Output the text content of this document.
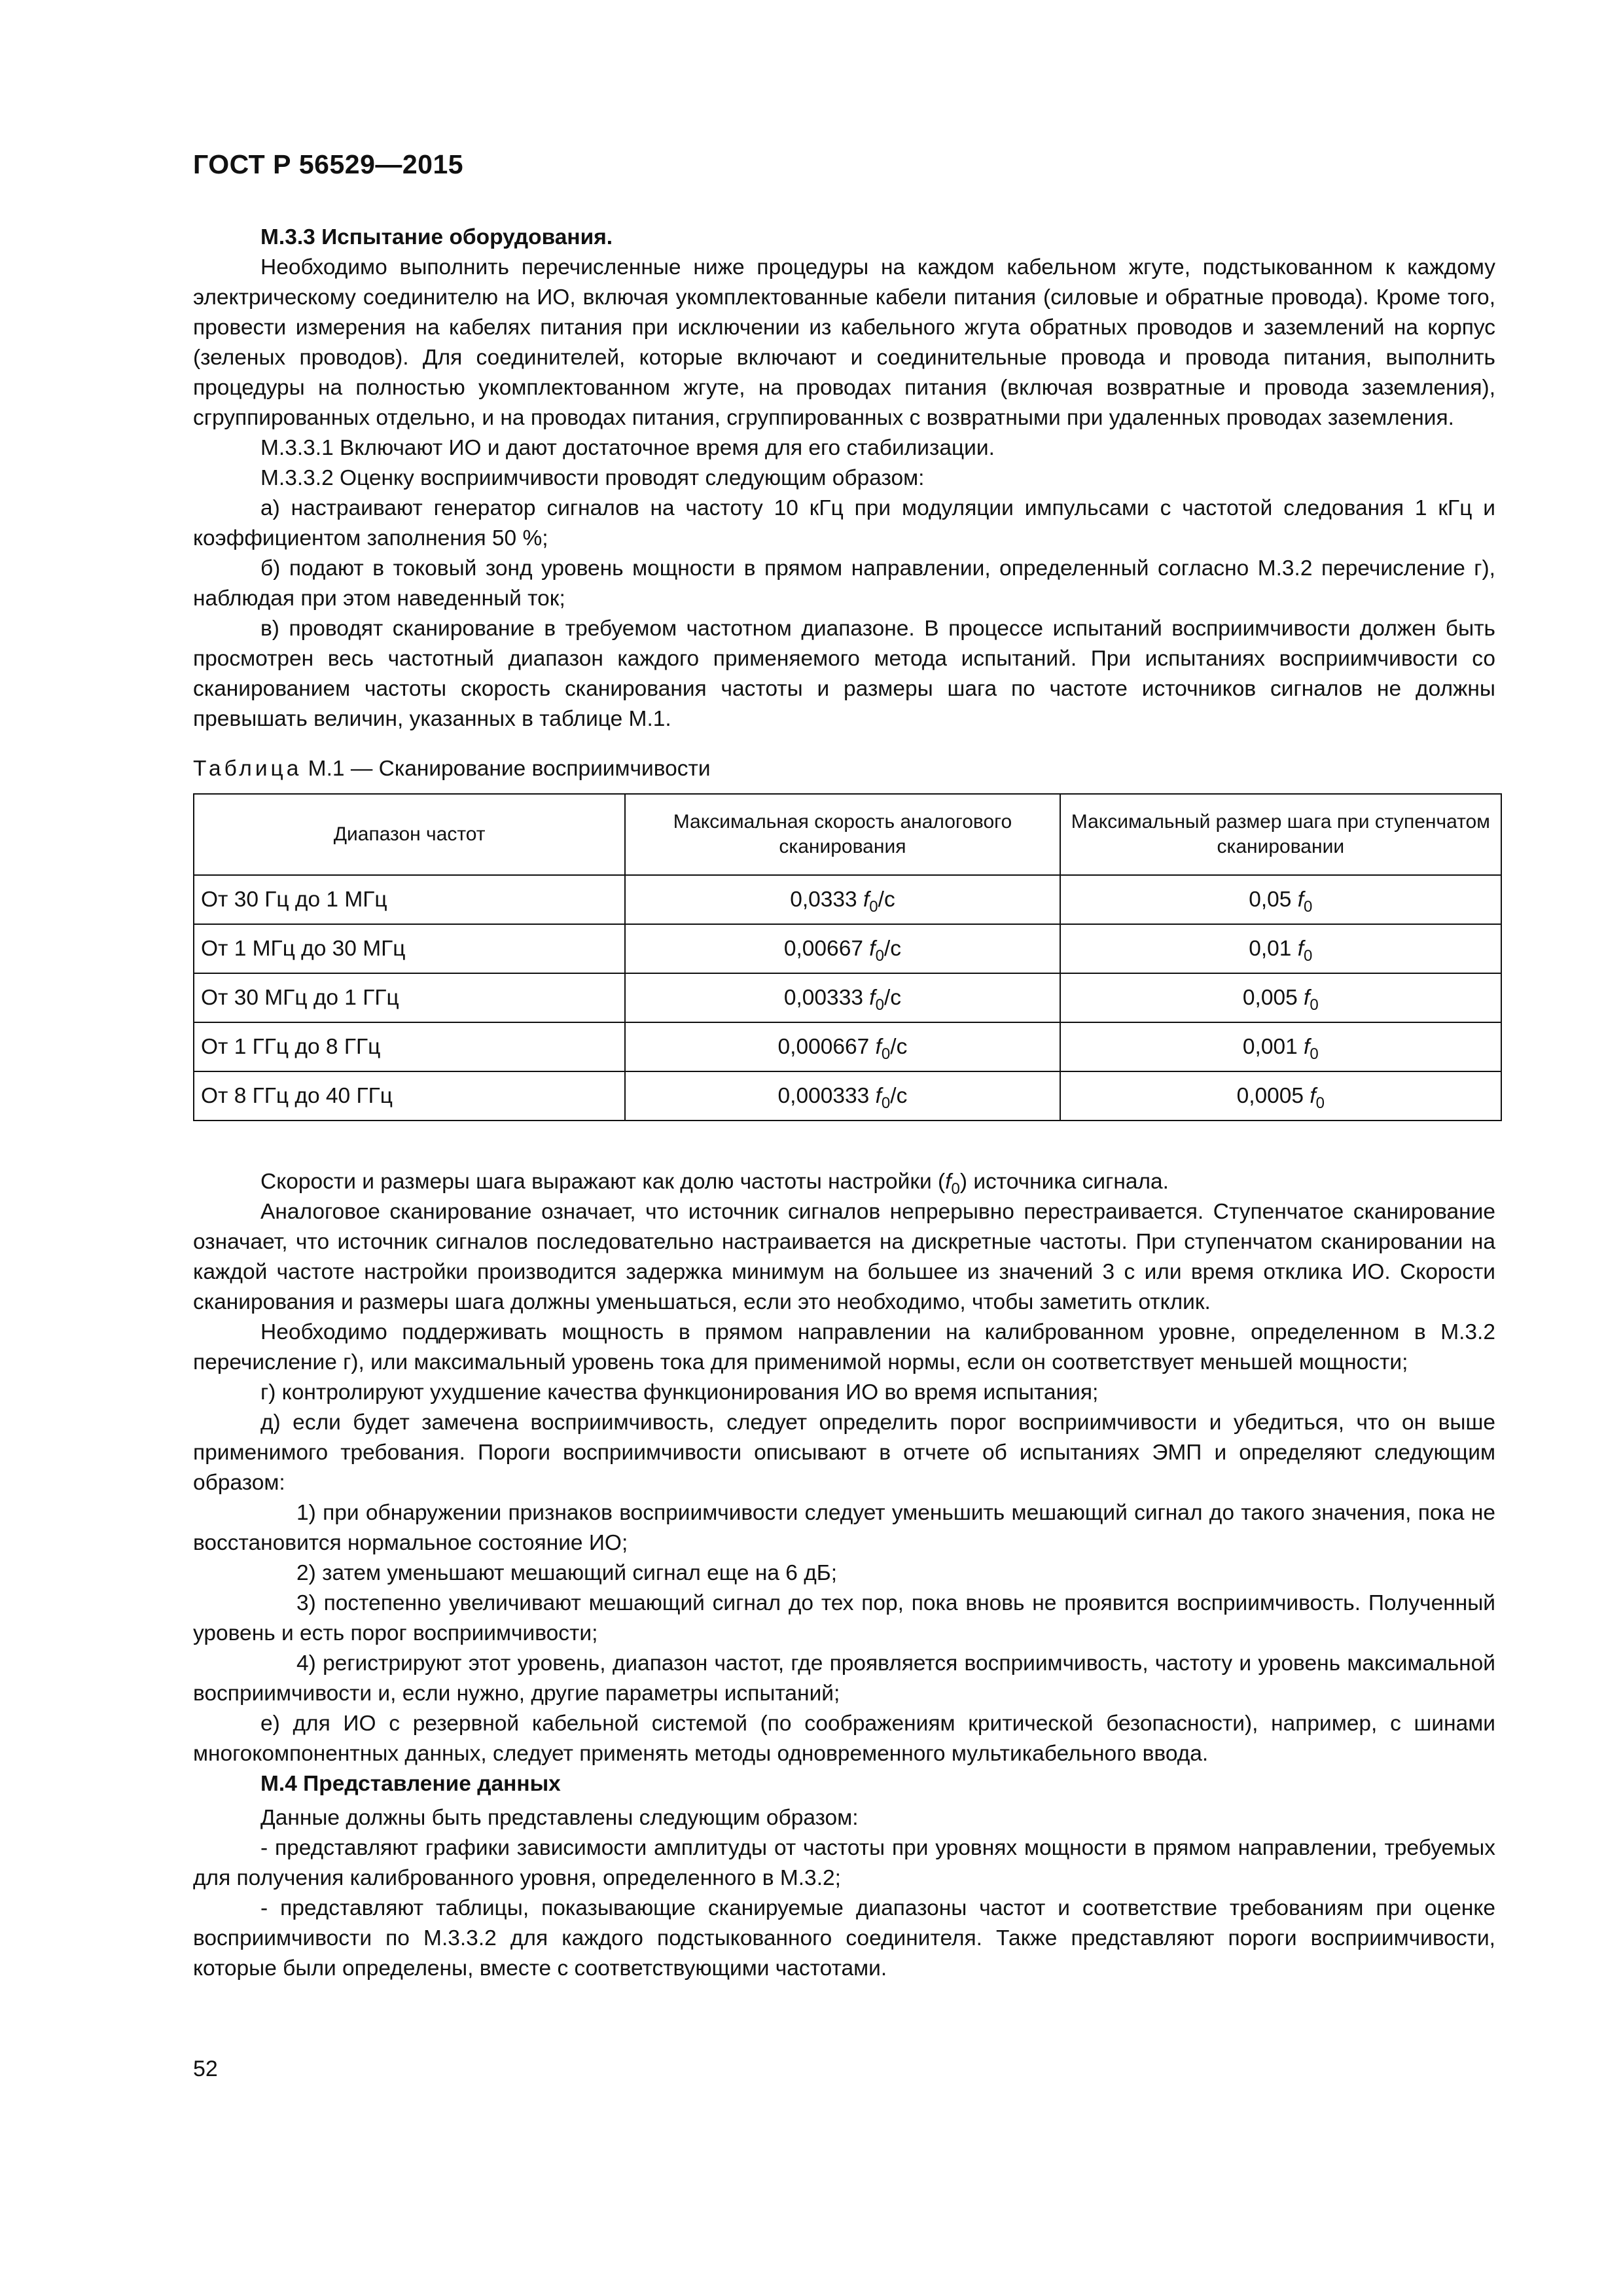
ГОСТ Р 56529—2015

М.3.3 Испытание оборудования.

Необходимо выполнить перечисленные ниже процедуры на каждом кабельном жгуте, подстыкованном к каждому электрическому соединителю на ИО, включая укомплектованные кабели питания (силовые и обратные провода). Кроме того, провести измерения на кабелях питания при исключении из кабельного жгута обратных проводов и заземлений на корпус (зеленых проводов). Для соединителей, которые включают и соединительные провода и провода питания, выполнить процедуры на полностью укомплектованном жгуте, на проводах питания (включая возвратные и провода заземления), сгруппированных отдельно, и на проводах питания, сгруппированных с возвратными при удаленных проводах заземления.

М.3.3.1 Включают ИО и дают достаточное время для его стабилизации.

М.3.3.2 Оценку восприимчивости проводят следующим образом:

а) настраивают генератор сигналов на частоту 10 кГц при модуляции импульсами с частотой следования 1 кГц и коэффициентом заполнения 50 %;

б) подают в токовый зонд уровень мощности в прямом направлении, определенный согласно М.3.2 перечисление г), наблюдая при этом наведенный ток;

в) проводят сканирование в требуемом частотном диапазоне. В процессе испытаний восприимчивости должен быть просмотрен весь частотный диапазон каждого применяемого метода испытаний. При испытаниях восприимчивости со сканированием частоты скорость сканирования частоты и размеры шага по частоте источников сигналов не должны превышать величин, указанных в таблице М.1.

Таблица М.1 — Сканирование восприимчивости

Диапазон частот	Максимальная скорость аналогового сканирования	Максимальный размер шага при ступенчатом сканировании
От 30 Гц до 1 МГц	0,0333 $f_0/с$	0,05 $f_0$
От 1 МГц до 30 МГц	0,00667 $f_0/с$	0,01 $f_0$
От 30 МГц до 1 ГГц	0,00333 $f_0/с$	0,005 $f_0$
От 1 ГГц до 8 ГГц	0,000667 $f_0/с$	0,001 $f_0$
От 8 ГГц до 40 ГГц	0,000333 $f_0/с$	0,0005 $f_0$

Скорости и размеры шага выражают как долю частоты настройки $(f_0)$ источника сигнала.

Аналоговое сканирование означает, что источник сигналов непрерывно перестраивается. Ступенчатое сканирование означает, что источник сигналов последовательно настраивается на дискретные частоты. При ступенчатом сканировании на каждой частоте настройки производится задержка минимум на большее из значений 3 с или время отклика ИО. Скорости сканирования и размеры шага должны уменьшаться, если это необходимо, чтобы заметить отклик.

Необходимо поддерживать мощность в прямом направлении на калиброванном уровне, определенном в М.3.2 перечисление г), или максимальный уровень тока для применимой нормы, если он соответствует меньшей мощности;

г) контролируют ухудшение качества функционирования ИО во время испытания;

д) если будет замечена восприимчивость, следует определить порог восприимчивости и убедиться, что он выше применимого требования. Пороги восприимчивости описывают в отчете об испытаниях ЭМП и определяют следующим образом:

1) при обнаружении признаков восприимчивости следует уменьшить мешающий сигнал до такого значения, пока не восстановится нормальное состояние ИО;

2) затем уменьшают мешающий сигнал еще на 6 дБ;

3) постепенно увеличивают мешающий сигнал до тех пор, пока вновь не проявится восприимчивость. Полученный уровень и есть порог восприимчивости;

4) регистрируют этот уровень, диапазон частот, где проявляется восприимчивость, частоту и уровень максимальной восприимчивости и, если нужно, другие параметры испытаний;

е) для ИО с резервной кабельной системой (по соображениям критической безопасности), например, с шинами многокомпонентных данных, следует применять методы одновременного мультикабельного ввода.

М.4 Представление данных

Данные должны быть представлены следующим образом:

- представляют графики зависимости амплитуды от частоты при уровнях мощности в прямом направлении, требуемых для получения калиброванного уровня, определенного в М.3.2;

- представляют таблицы, показывающие сканируемые диапазоны частот и соответствие требованиям при оценке восприимчивости по М.3.3.2 для каждого подстыкованного соединителя. Также представляют пороги восприимчивости, которые были определены, вместе с соответствующими частотами.

52
